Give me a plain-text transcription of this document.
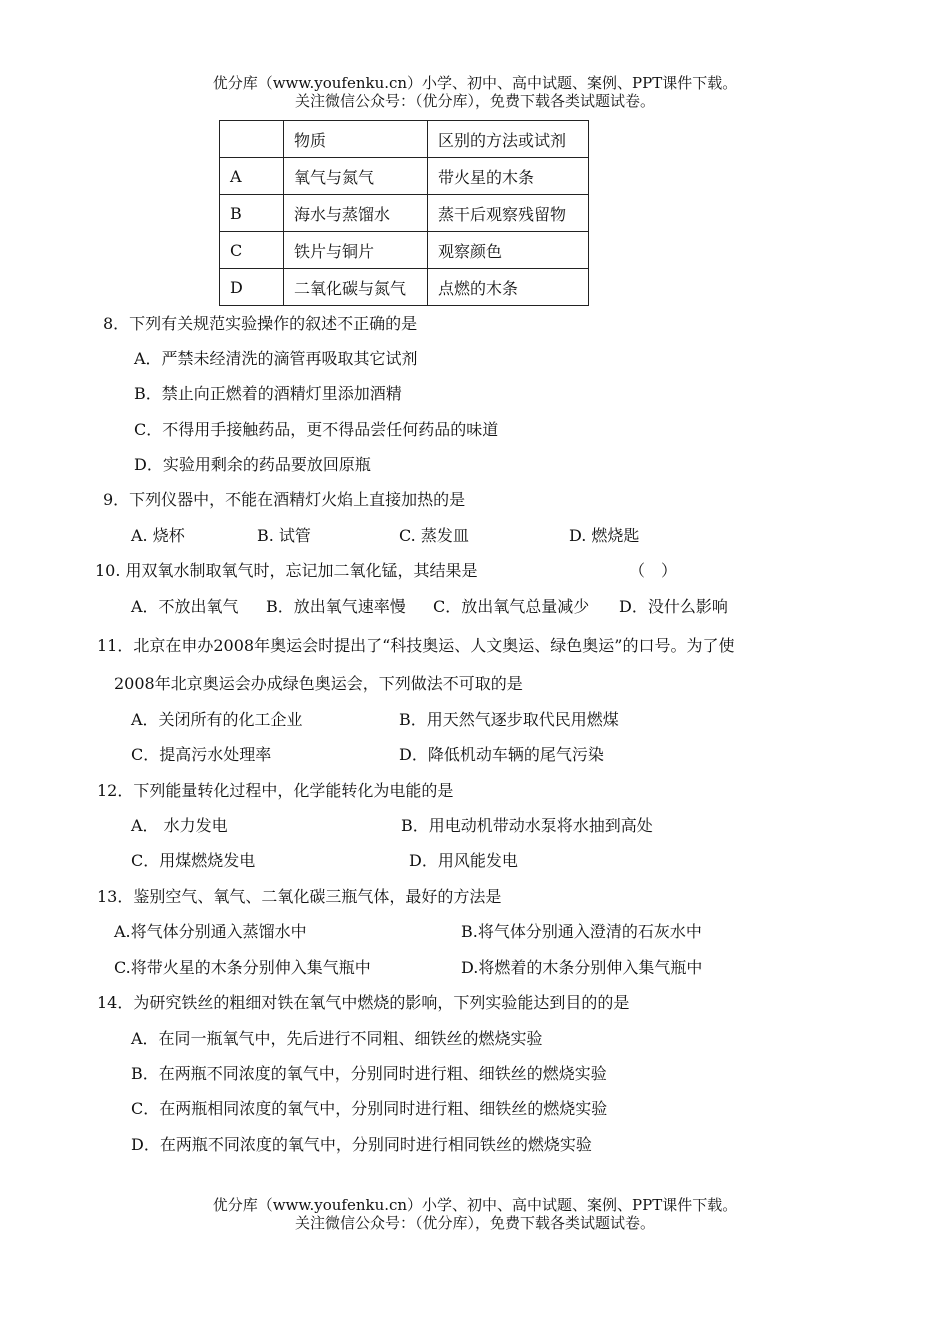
优分库（www.youfenku.cn）小学、初中、高中试题、案例、PPT课件下载。
关注微信公众号：（优分库），免费下载各类试题试卷。
	物质	区别的方法或试剂
A	氧气与氮气	带火星的木条
B	海水与蒸馏水	蒸干后观察残留物
C	铁片与铜片	观察颜色
D	二氧化碳与氮气	点燃的木条
8．下列有关规范实验操作的叙述不正确的是
A．严禁未经清洗的滴管再吸取其它试剂
B．禁止向正燃着的酒精灯里添加酒精
C．不得用手接触药品，更不得品尝任何药品的味道
D．实验用剩余的药品要放回原瓶
9．下列仪器中，不能在酒精灯火焰上直接加热的是
A. 烧杯	B. 试管	C. 蒸发皿	D. 燃烧匙
10. 用双氧水制取氧气时，忘记加二氧化锰，其结果是	（　）
A．不放出氧气 B．放出氧气速率慢 C．放出氧气总量减少 D．没什么影响
11．北京在申办2008年奥运会时提出了“科技奥运、人文奥运、绿色奥运”的口号。为了使
2008年北京奥运会办成绿色奥运会，下列做法不可取的是
A．关闭所有的化工企业	B．用天然气逐步取代民用燃煤
C．提高污水处理率	D．降低机动车辆的尾气污染
12．下列能量转化过程中，化学能转化为电能的是
A． 水力发电	B．用电动机带动水泵将水抽到高处
C．用煤燃烧发电	D．用风能发电
13．鉴别空气、氧气、二氧化碳三瓶气体，最好的方法是
A.将气体分别通入蒸馏水中	B.将气体分别通入澄清的石灰水中
C.将带火星的木条分别伸入集气瓶中	D.将燃着的木条分别伸入集气瓶中
14．为研究铁丝的粗细对铁在氧气中燃烧的影响，下列实验能达到目的的是
A．在同一瓶氧气中，先后进行不同粗、细铁丝的燃烧实验
B．在两瓶不同浓度的氧气中，分别同时进行粗、细铁丝的燃烧实验
C．在两瓶相同浓度的氧气中，分别同时进行粗、细铁丝的燃烧实验
D．在两瓶不同浓度的氧气中，分别同时进行相同铁丝的燃烧实验
优分库（www.youfenku.cn）小学、初中、高中试题、案例、PPT课件下载。
关注微信公众号：（优分库），免费下载各类试题试卷。
